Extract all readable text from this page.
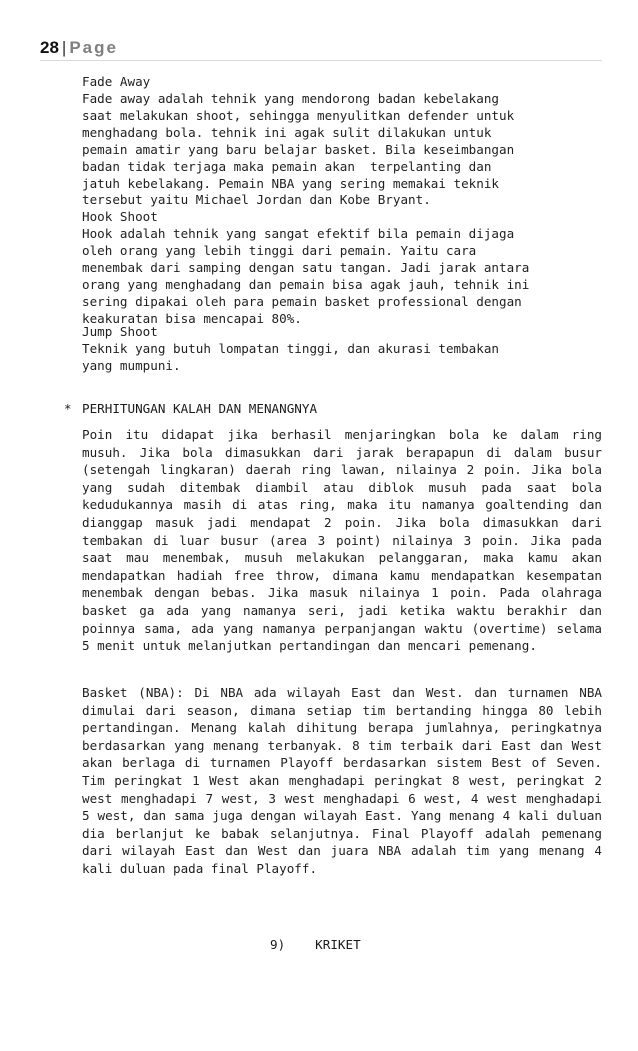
28 | Page
Fade Away
Fade away adalah tehnik yang mendorong badan kebelakang
saat melakukan shoot, sehingga menyulitkan defender untuk
menghadang bola. tehnik ini agak sulit dilakukan untuk
pemain amatir yang baru belajar basket. Bila keseimbangan
badan tidak terjaga maka pemain akan  terpelanting dan
jatuh kebelakang. Pemain NBA yang sering memakai teknik
tersebut yaitu Michael Jordan dan Kobe Bryant.
Hook Shoot
Hook adalah tehnik yang sangat efektif bila pemain dijaga
oleh orang yang lebih tinggi dari pemain. Yaitu cara
menembak dari samping dengan satu tangan. Jadi jarak antara
orang yang menghadang dan pemain bisa agak jauh, tehnik ini
sering dipakai oleh para pemain basket professional dengan
keakuratan bisa mencapai 80%.
Jump Shoot
Teknik yang butuh lompatan tinggi, dan akurasi tembakan
yang mumpuni.
* PERHITUNGAN KALAH DAN MENANGNYA
Poin itu didapat jika berhasil menjaringkan bola ke dalam ring musuh. Jika bola dimasukkan dari jarak berapapun di dalam busur (setengah lingkaran) daerah ring lawan, nilainya 2 poin. Jika bola yang sudah ditembak diambil atau diblok musuh pada saat bola kedudukannya masih di atas ring, maka itu namanya goaltending dan dianggap masuk jadi mendapat 2 poin. Jika bola dimasukkan dari tembakan di luar busur (area 3 point) nilainya 3 poin. Jika pada saat mau menembak, musuh melakukan pelanggaran, maka kamu akan mendapatkan hadiah free throw, dimana kamu mendapatkan kesempatan menembak dengan bebas. Jika masuk nilainya 1 poin. Pada olahraga basket ga ada yang namanya seri, jadi ketika waktu berakhir dan poinnya sama, ada yang namanya perpanjangan waktu (overtime) selama 5 menit untuk melanjutkan pertandingan dan mencari pemenang.
Basket (NBA): Di NBA ada wilayah East dan West. dan turnamen NBA dimulai dari season, dimana setiap tim bertanding hingga 80 lebih pertandingan. Menang kalah dihitung berapa jumlahnya, peringkatnya berdasarkan yang menang terbanyak. 8 tim terbaik dari East dan West akan berlaga di turnamen Playoff berdasarkan sistem Best of Seven. Tim peringkat 1 West akan menghadapi peringkat 8 west, peringkat 2 west menghadapi 7 west, 3 west menghadapi 6 west, 4 west menghadapi 5 west, dan sama juga dengan wilayah East. Yang menang 4 kali duluan dia berlanjut ke babak selanjutnya. Final Playoff adalah pemenang dari wilayah East dan West dan juara NBA adalah tim yang menang 4 kali duluan pada final Playoff.
9) KRIKET
